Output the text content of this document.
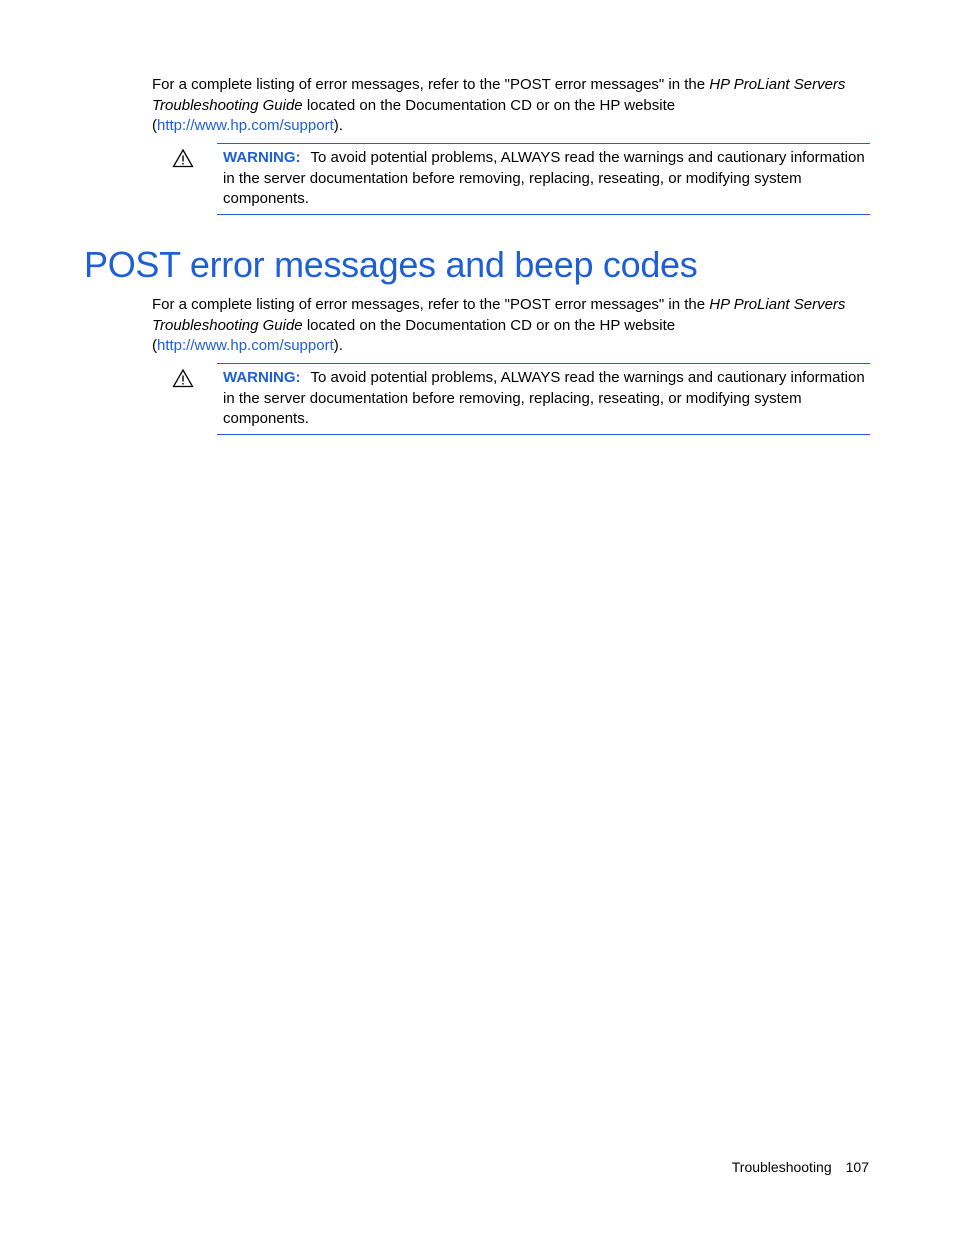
For a complete listing of error messages, refer to the "POST error messages" in the HP ProLiant Servers Troubleshooting Guide located on the Documentation CD or on the HP website
(http://www.hp.com/support).
WARNING: To avoid potential problems, ALWAYS read the warnings and cautionary information in the server documentation before removing, replacing, reseating, or modifying system components.
POST error messages and beep codes
For a complete listing of error messages, refer to the "POST error messages" in the HP ProLiant Servers Troubleshooting Guide located on the Documentation CD or on the HP website
(http://www.hp.com/support).
WARNING: To avoid potential problems, ALWAYS read the warnings and cautionary information in the server documentation before removing, replacing, reseating, or modifying system components.
Troubleshooting 107
